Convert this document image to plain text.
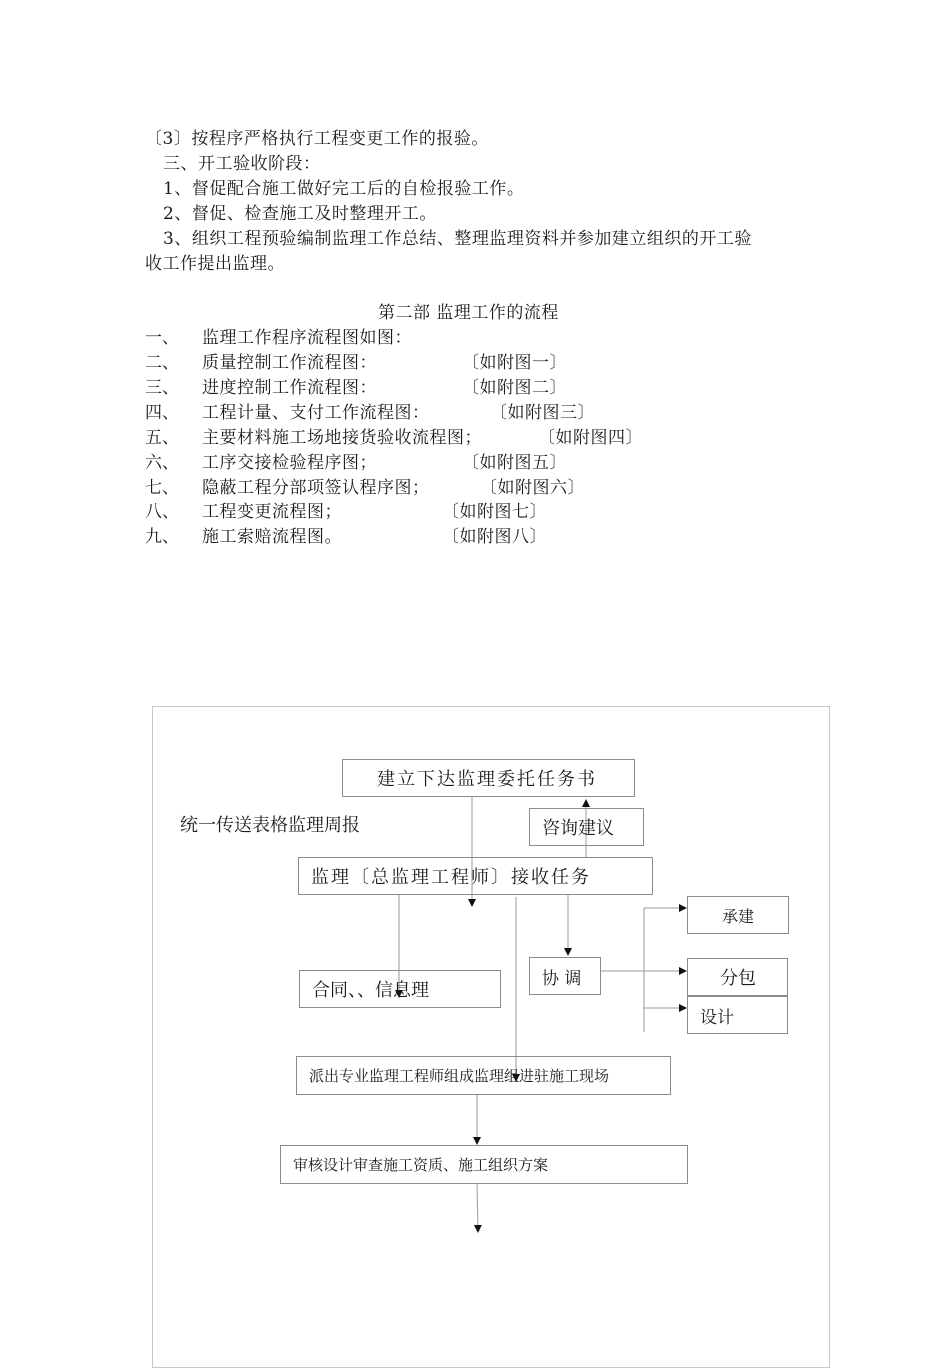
〔3〕按程序严格执行工程变更工作的报验。
三、开工验收阶段：
1、督促配合施工做好完工后的自检报验工作。
2、督促、检查施工及时整理开工。
3、组织工程预验编制监理工作总结、整理监理资料并参加建立组织的开工验
收工作提出监理。
第二部 监理工作的流程
一、 监理工作程序流程图如图：
二、 质量控制工作流程图：	〔如附图一〕
三、 进度控制工作流程图：	〔如附图二〕
四、 工程计量、支付工作流程图：	〔如附图三〕
五、 主要材料施工场地接货验收流程图；	〔如附图四〕
六、 工序交接检验程序图；	〔如附图五〕
七、 隐蔽工程分部项签认程序图；	〔如附图六〕
八、 工程变更流程图；	〔如附图七〕
九、 施工索赔流程图。	〔如附图八〕
建立下达监理委托任务书
统一传送表格监理周报	咨询建议
监理〔总监理工程师〕接收任务
承建
协 调	分包
设计
合同、、信息理
派出专业监理工程师组成监理组进驻施工现场
审核设计审查施工资质、施工组织方案
